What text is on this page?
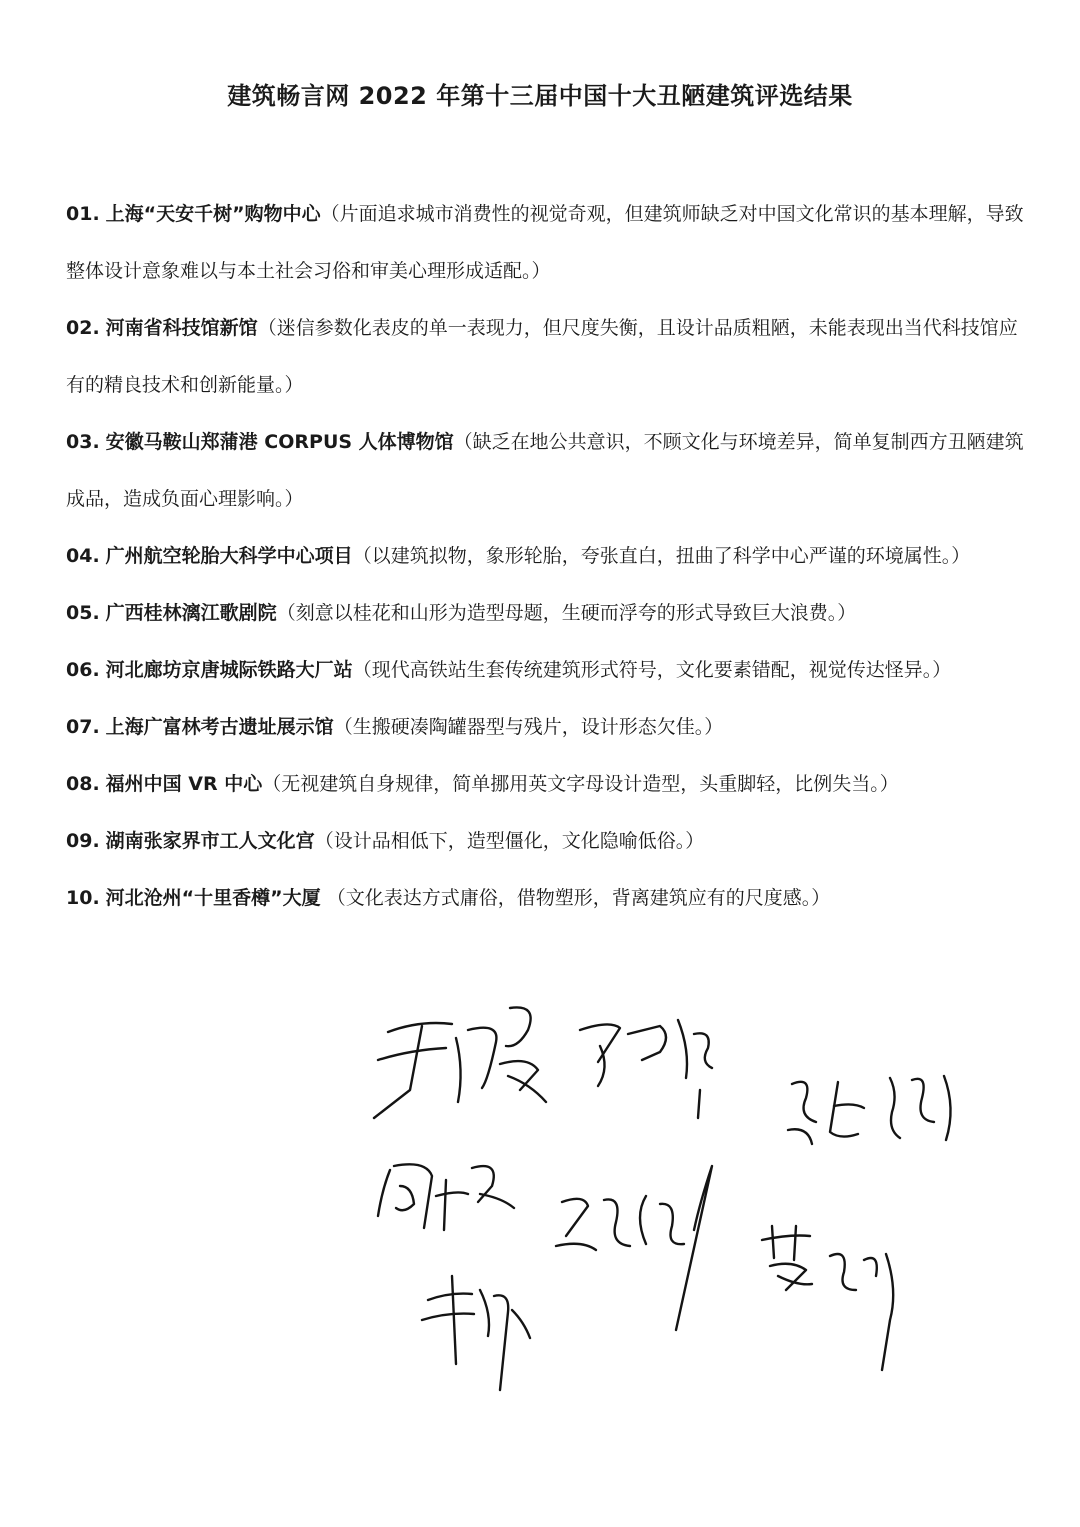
建筑畅言网 2022 年第十三届中国十大丑陋建筑评选结果
01. 上海“天安千树”购物中心（片面追求城市消费性的视觉奇观，但建筑师缺乏对中国文化常识的基本理解，导致整体设计意象难以与本土社会习俗和审美心理形成适配。）
02. 河南省科技馆新馆（迷信参数化表皮的单一表现力，但尺度失衡，且设计品质粗陋，未能表现出当代科技馆应有的精良技术和创新能量。）
03. 安徽马鞍山郑蒲港 CORPUS 人体博物馆（缺乏在地公共意识，不顾文化与环境差异，简单复制西方丑陋建筑成品，造成负面心理影响。）
04. 广州航空轮胎大科学中心项目（以建筑拟物，象形轮胎，夸张直白，扭曲了科学中心严谨的环境属性。）
05. 广西桂林漓江歌剧院（刻意以桂花和山形为造型母题，生硬而浮夸的形式导致巨大浪费。）
06. 河北廊坊京唐城际铁路大厂站（现代高铁站生套传统建筑形式符号，文化要素错配，视觉传达怪异。）
07. 上海广富林考古遗址展示馆（生搬硬凑陶罐器型与残片，设计形态欠佳。）
08. 福州中国 VR 中心（无视建筑自身规律，简单挪用英文字母设计造型，头重脚轻，比例失当。）
09. 湖南张家界市工人文化宫（设计品相低下，造型僵化，文化隐喻低俗。）
10. 河北沧州“十里香樽”大厦 （文化表达方式庸俗，借物塑形，背离建筑应有的尺度感。）
